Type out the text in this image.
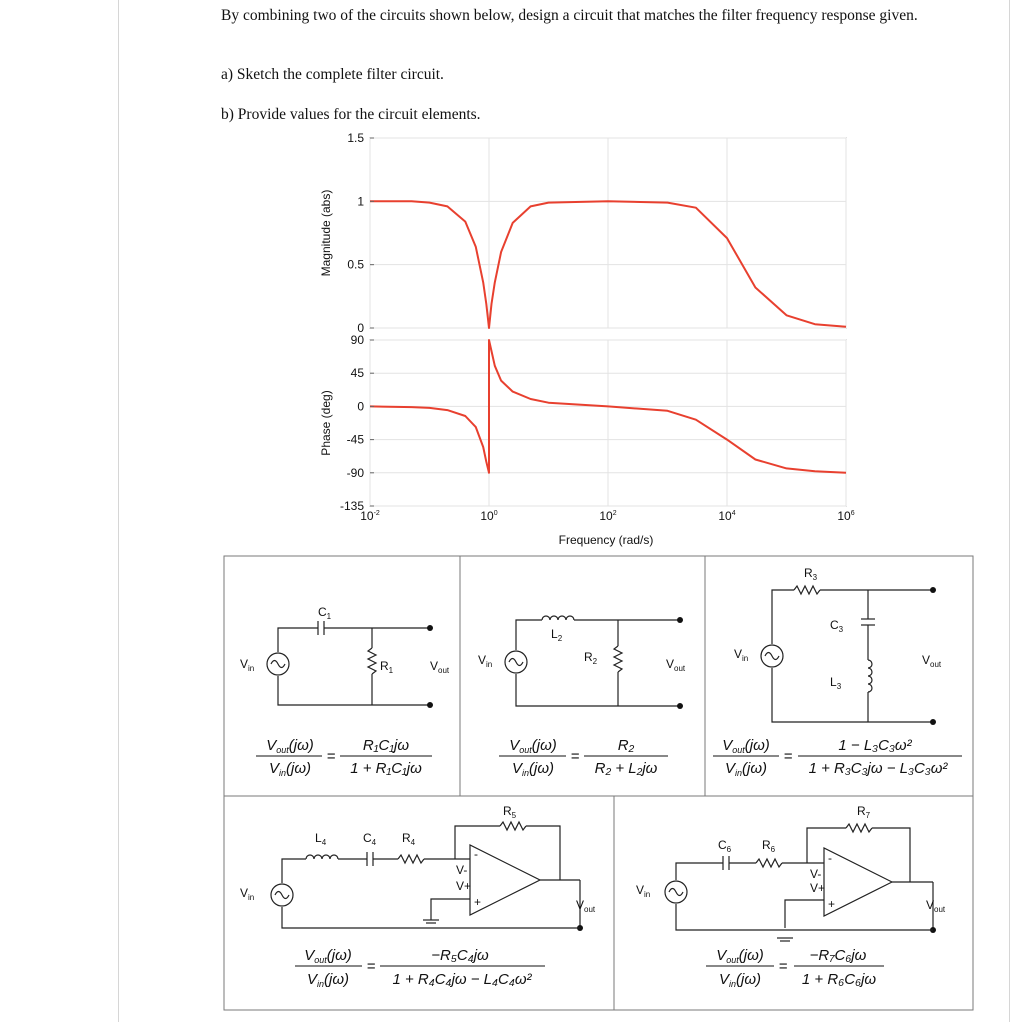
By combining two of the circuits shown below, design a circuit that matches the filter frequency response given.
a) Sketch the complete filter circuit.
b) Provide values for the circuit elements.
1.5
1
0.5
0
90
45
0
-45
-90
-135
$10^{-2}$	$10^0$	$10^2$	$10^4$	$10^6$
Magnitude (abs)
Phase (deg)
Frequency (rad/s)
$C_1$
$R_1$
$V_{in}$	$V_{out}$
$V_{out}(j\omega)$
$V_{in}(j\omega)$
=
R₁C₁jω
1 + R₁C₁jω
$L_2$
$R_2$
$V_{in}$	$V_{out}$
$V_{out}(j\omega)$
$V_{in}(j\omega)$
=
R₂
R₂ + L₂jω
$R_3$
$C_3$
$L_3$
$V_{in}$	$V_{out}$
$V_{out}(j\omega)$
$V_{in}(j\omega)$
=
1 − L₃C₃ω²
1 + R₃C₃jω − L₃C₃ω²
$R_5$
$L_4$	$C_4$ $R_4$
V-
V+
-
+
$V_{in}$
$V_{out}$
$V_{out}(j\omega)$
$V_{in}(j\omega)$
=
−R₅C₄jω
1 + R₄C₄jω − L₄C₄ω²
$R_7$
$C_6$	$R_6$
V-
V+
-
+
$V_{in}$
$V_{out}$
$V_{out}(j\omega)$
$V_{in}(j\omega)$
=
−R₇C₆jω
1 + R₆C₆jω
